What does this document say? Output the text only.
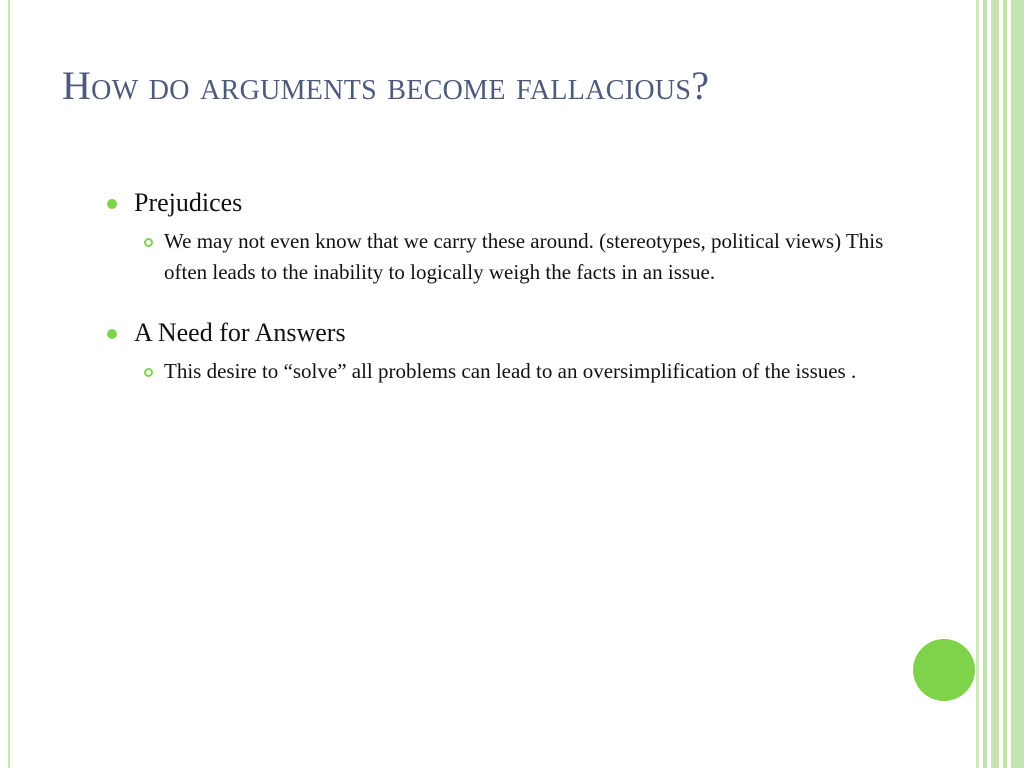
How do arguments become fallacious?

Prejudices

We may not even know that we carry these around. (stereotypes, political views) This often leads to the inability to logically weigh the facts in an issue.

A Need for Answers

This desire to “solve” all problems can lead to an oversimplification of the issues .
